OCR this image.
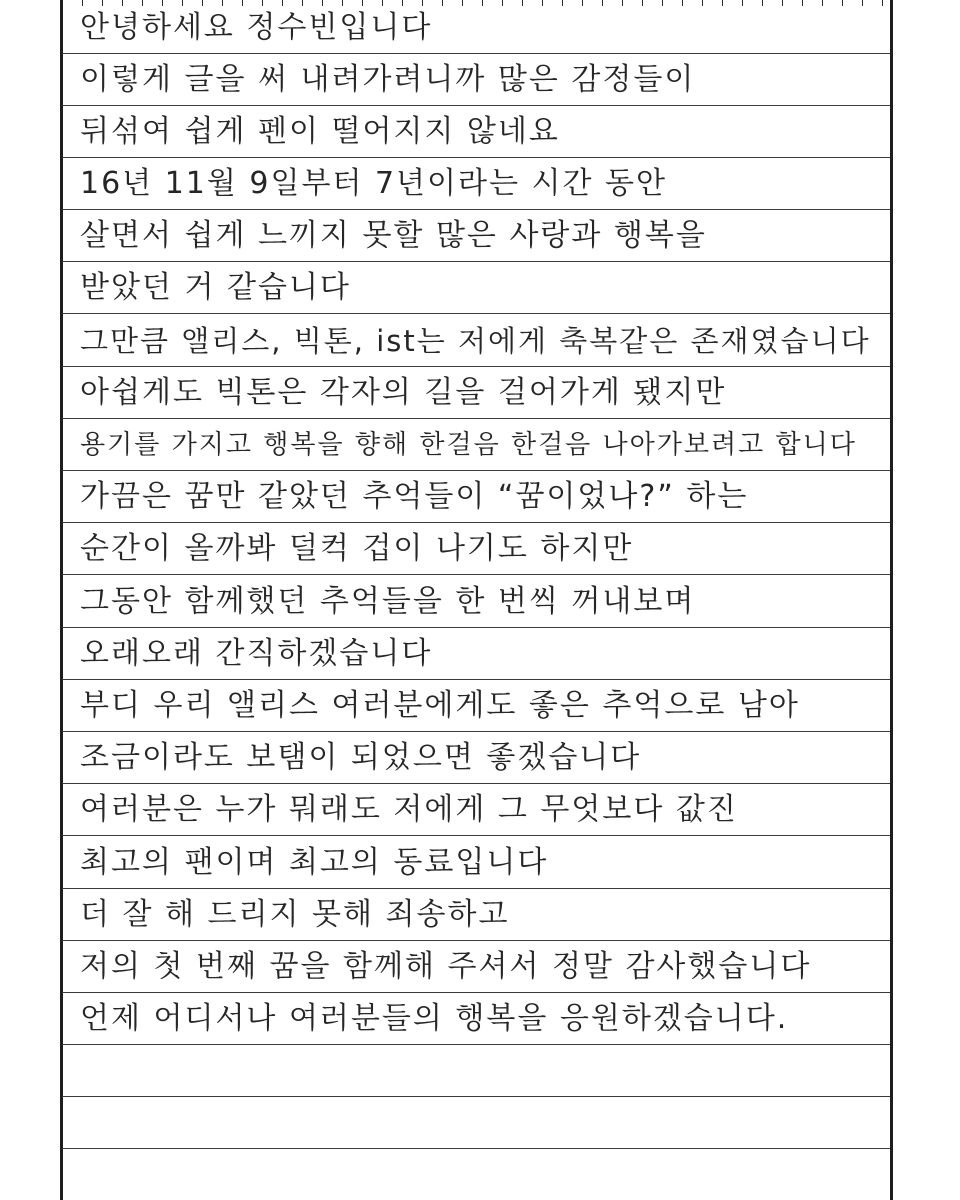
안녕하세요 정수빈입니다
이렇게 글을 써 내려가려니까 많은 감정들이
뒤섞여 쉽게 펜이 떨어지지 않네요
16년 11월 9일부터 7년이라는 시간 동안
살면서 쉽게 느끼지 못할 많은 사랑과 행복을
받았던 거 같습니다
그만큼 앨리스, 빅톤, ist는 저에게 축복같은 존재였습니다
아쉽게도 빅톤은 각자의 길을 걸어가게 됐지만
용기를 가지고 행복을 향해 한걸음 한걸음 나아가보려고 합니다
가끔은 꿈만 같았던 추억들이 “꿈이었나?” 하는
순간이 올까봐 덜컥 겁이 나기도 하지만
그동안 함께했던 추억들을 한 번씩 꺼내보며
오래오래 간직하겠습니다
부디 우리 앨리스 여러분에게도 좋은 추억으로 남아
조금이라도 보탬이 되었으면 좋겠습니다
여러분은 누가 뭐래도 저에게 그 무엇보다 값진
최고의 팬이며 최고의 동료입니다
더 잘 해 드리지 못해 죄송하고
저의 첫 번째 꿈을 함께해 주셔서 정말 감사했습니다
언제 어디서나 여러분들의 행복을 응원하겠습니다.
